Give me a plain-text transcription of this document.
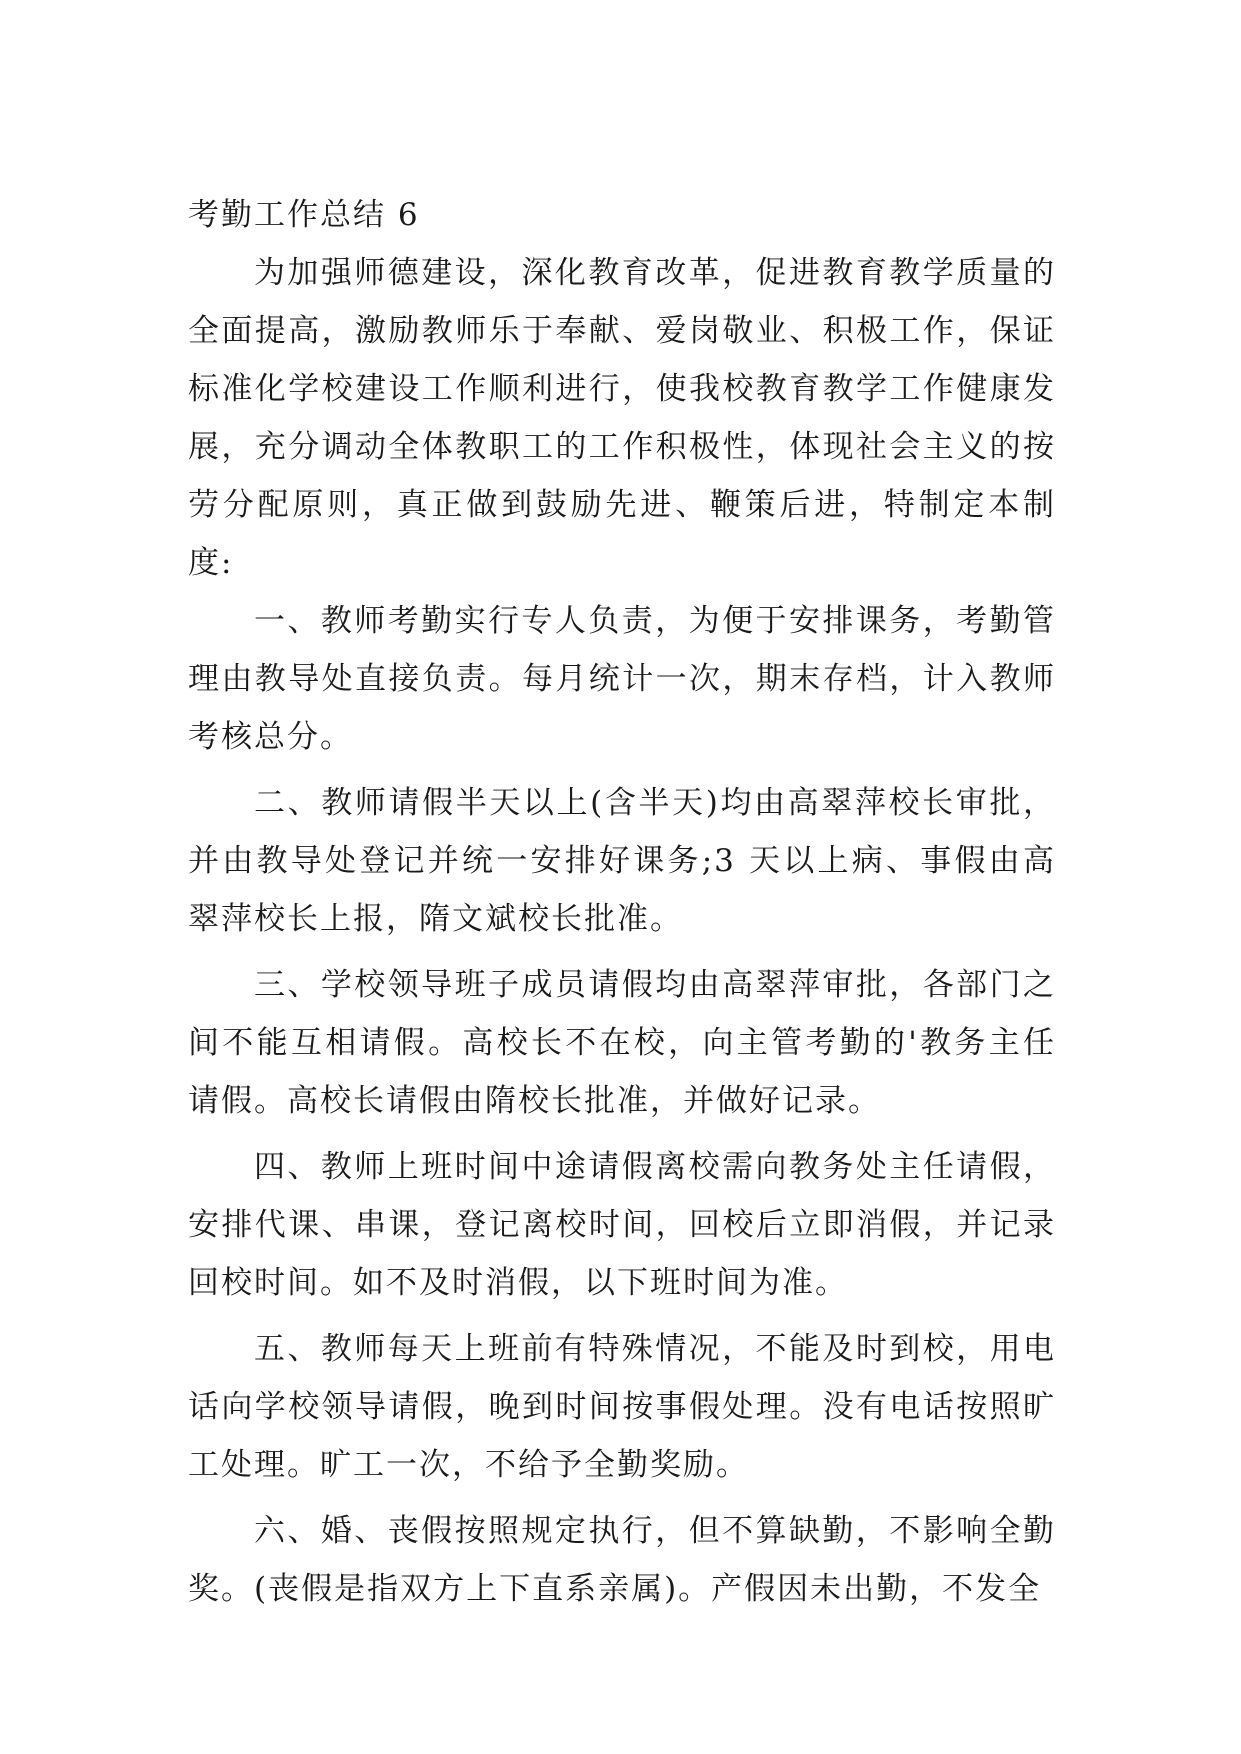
考勤工作总结 6

为加强师德建设，深化教育改革，促进教育教学质量的全面提高，激励教师乐于奉献、爱岗敬业、积极工作，保证标准化学校建设工作顺利进行，使我校教育教学工作健康发展，充分调动全体教职工的工作积极性，体现社会主义的按劳分配原则，真正做到鼓励先进、鞭策后进，特制定本制度:

一、教师考勤实行专人负责，为便于安排课务，考勤管理由教导处直接负责。每月统计一次，期末存档，计入教师考核总分。

二、教师请假半天以上(含半天)均由高翠萍校长审批，并由教导处登记并统一安排好课务;3 天以上病、事假由高翠萍校长上报，隋文斌校长批准。

三、学校领导班子成员请假均由高翠萍审批，各部门之间不能互相请假。高校长不在校，向主管考勤的'教务主任请假。高校长请假由隋校长批准，并做好记录。

四、教师上班时间中途请假离校需向教务处主任请假，安排代课、串课，登记离校时间，回校后立即消假，并记录回校时间。如不及时消假，以下班时间为准。

五、教师每天上班前有特殊情况，不能及时到校，用电话向学校领导请假，晚到时间按事假处理。没有电话按照旷工处理。旷工一次，不给予全勤奖励。

六、婚、丧假按照规定执行，但不算缺勤，不影响全勤奖。(丧假是指双方上下直系亲属)。产假因未出勤，不发全
